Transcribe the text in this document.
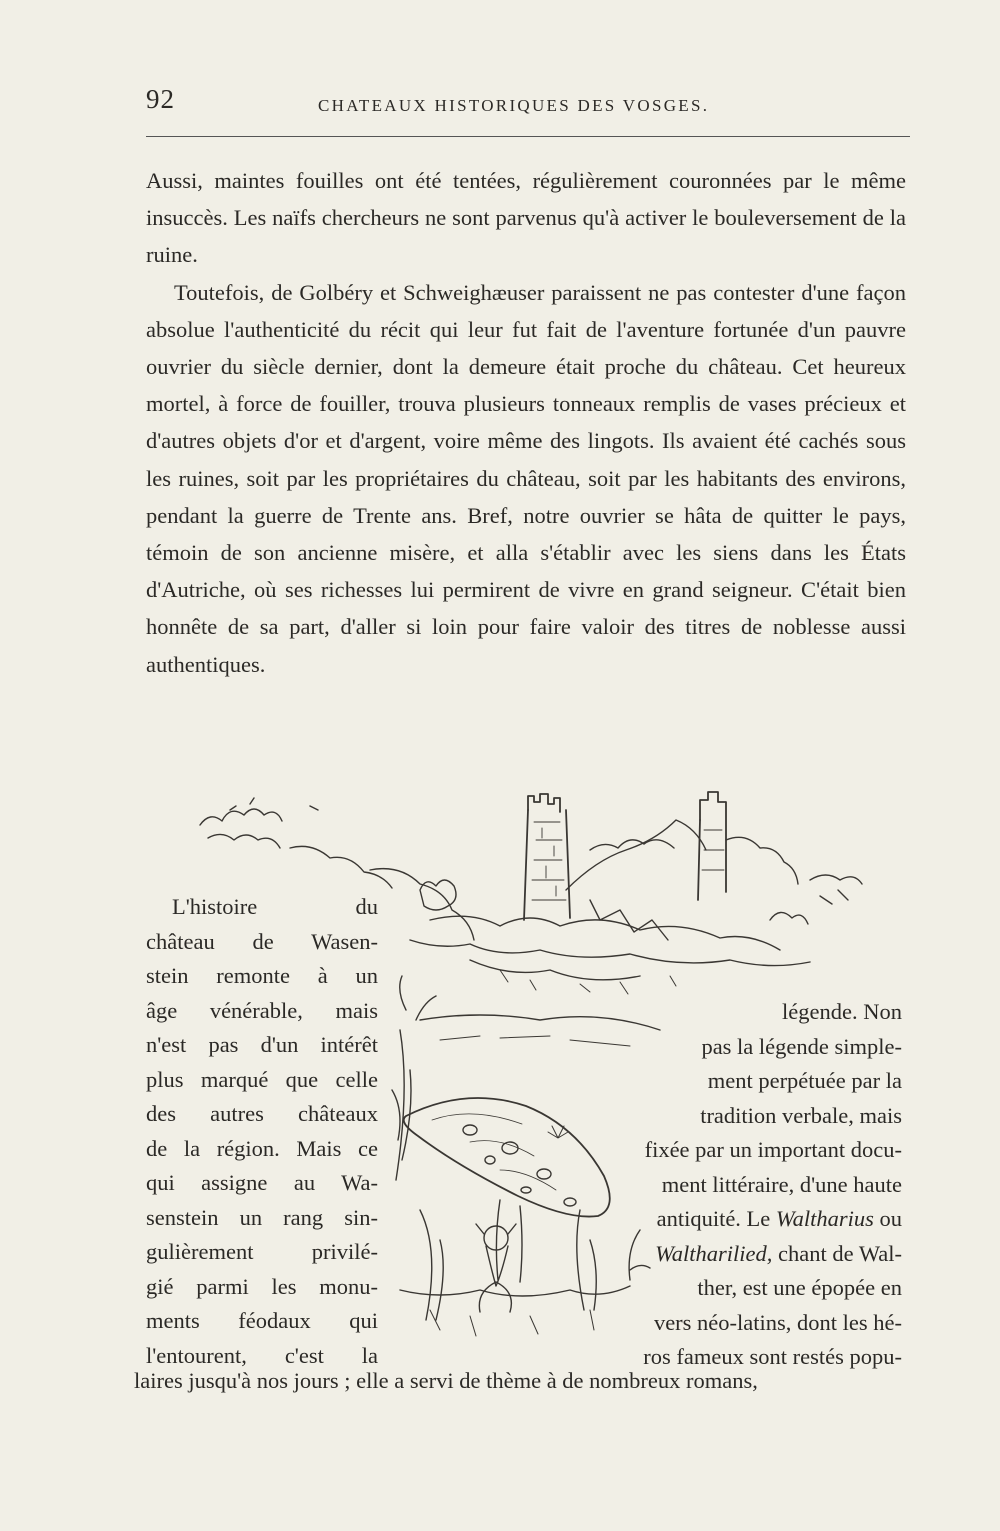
92	CHATEAUX HISTORIQUES DES VOSGES.

Aussi, maintes fouilles ont été tentées, régulièrement couronnées par le même insuccès. Les naïfs chercheurs ne sont parvenus qu'à activer le bouleversement de la ruine.

Toutefois, de Golbéry et Schweighæuser paraissent ne pas contester d'une façon absolue l'authenticité du récit qui leur fut fait de l'aventure fortunée d'un pauvre ouvrier du siècle dernier, dont la demeure était proche du château. Cet heureux mortel, à force de fouiller, trouva plusieurs tonneaux remplis de vases précieux et d'autres objets d'or et d'argent, voire même des lingots. Ils avaient été cachés sous les ruines, soit par les propriétaires du château, soit par les habitants des environs, pendant la guerre de Trente ans. Bref, notre ouvrier se hâta de quitter le pays, témoin de son ancienne misère, et alla s'établir avec les siens dans les États d'Autriche, où ses richesses lui permirent de vivre en grand seigneur. C'était bien honnête de sa part, d'aller si loin pour faire valoir des titres de noblesse aussi authentiques.

L'histoire du
château de Wasen-
stein remonte à un
âge vénérable, mais
n'est pas d'un intérêt
plus marqué que celle
des autres châteaux
de la région. Mais ce
qui assigne au Wa-
senstein un rang sin-
gulièrement privilé-
gié parmi les monu-
ments féodaux qui
l'entourent, c'est la
légende. Non
pas la légende simple-
ment perpétuée par la
tradition verbale, mais
fixée par un important docu-
ment littéraire, d'une haute
antiquité. Le Waltharius ou
Waltharilied, chant de Wal-
ther, est une épopée en
vers néo-latins, dont les hé-
ros fameux sont restés popu-
laires jusqu'à nos jours ; elle a servi de thème à de nombreux romans,
